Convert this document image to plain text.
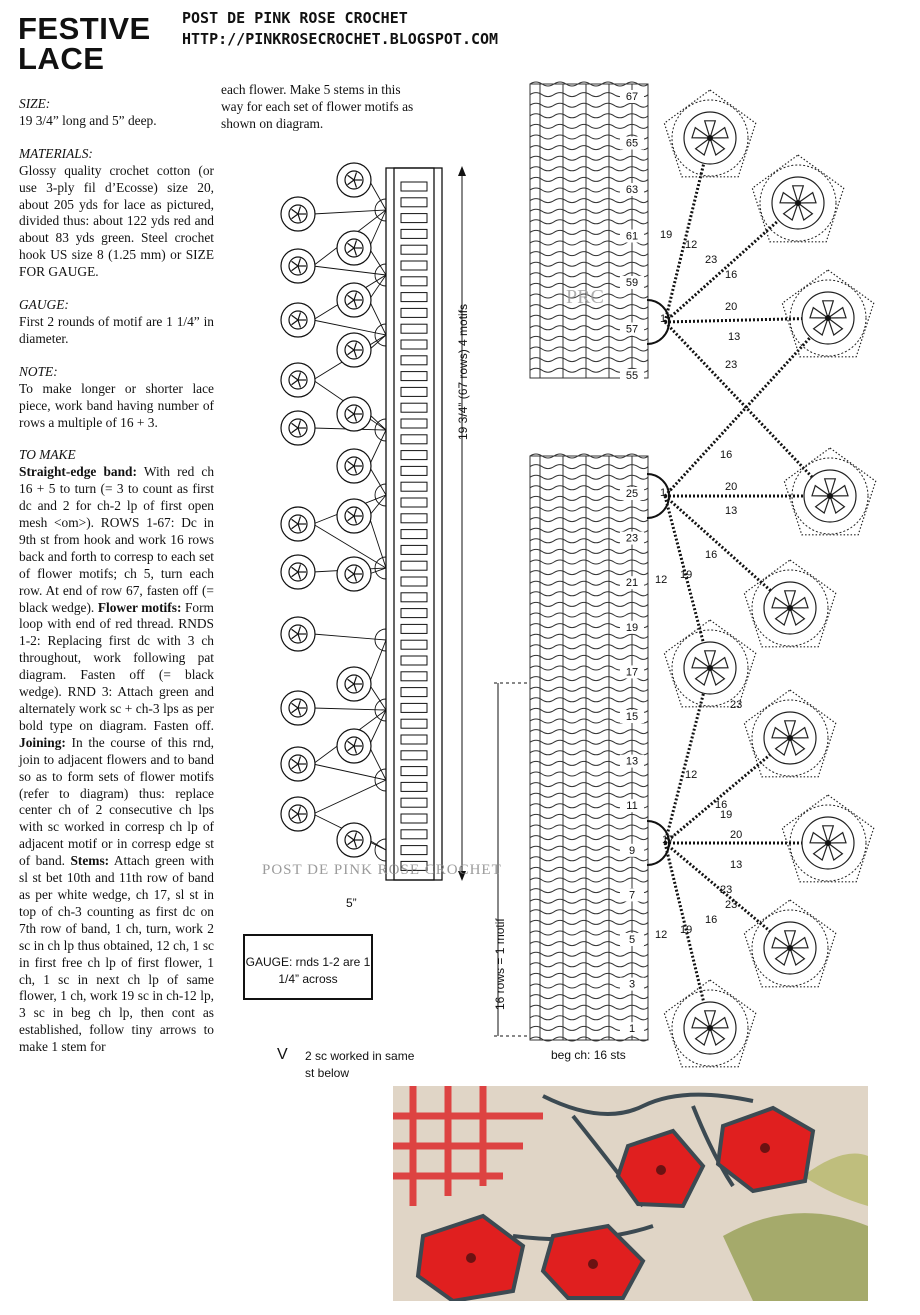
FESTIVE
LACE
POST DE PINK ROSE CROCHET
HTTP://PINKROSECROCHET.BLOGSPOT.COM
SIZE:
19 3/4” long and 5” deep.
MATERIALS:
Glossy quality crochet cotton (or use 3-ply fil d’Ecosse) size 20, about 205 yds for lace as pictured, divided thus: about 122 yds red and about 83 yds green. Steel crochet hook US size 8 (1.25 mm) or SIZE FOR GAUGE.
GAUGE:
First 2 rounds of motif are 1 1/4” in diameter.
NOTE:
To make longer or shorter lace piece, work band having number of rows a multiple of 16 + 3.
TO MAKE
Straight-edge band: With red ch 16 + 5 to turn (= 3 to count as first dc and 2 for ch-2 lp of first open mesh <om>). ROWS 1-67: Dc in 9th st from hook and work 16 rows back and forth to corresp to each set of flower motifs; ch 5, turn each row. At end of row 67, fasten off (= black wedge). Flower motifs: Form loop with end of red thread. RNDS 1-2: Replacing first dc with 3 ch throughout, work following pat diagram. Fasten off (= black wedge). RND 3: Attach green and alternately work sc + ch-3 lps as per bold type on diagram. Fasten off. Joining: In the course of this rnd, join to adjacent flowers and to band so as to form sets of flower motifs (refer to diagram) thus: replace center ch of 2 consecutive ch lps with sc worked in corresp ch lp of adjacent motif or in corresp edge st of band. Stems: Attach green with sl st bet 10th and 11th row of band as per white wedge, ch 17, sl st in top of ch-3 counting as first dc on 7th row of band, 1 ch, turn, work 2 sc in ch lp thus obtained, 12 ch, 1 sc in first free ch lp of first flower, 1 ch, 1 sc in next ch lp of same flower, 1 ch, work 19 sc in ch-12 lp, 3 sc in beg ch lp, then cont as established, follow tiny arrows to make 1 stem for
each flower. Make 5 stems in this way for each set of flower motifs as shown on diagram.
5”
19 3/4” (67 rows) 4 motifs
67
65
63
61
59
57
55
25
23
21
19
17
15
13
11
9
7
5
3
1
19
12
23
16
17
20
13
23
16
17	20
13
12 19
16
23
12
19
17
16
20
13
23
12 19
16
23
16 rows = 1 motif
beg ch: 16 sts
GAUGE: rnds 1-2 are 1 1/4” across
V 2 sc worked in same st below
POST DE PINK ROSE CROCHET
PRC
